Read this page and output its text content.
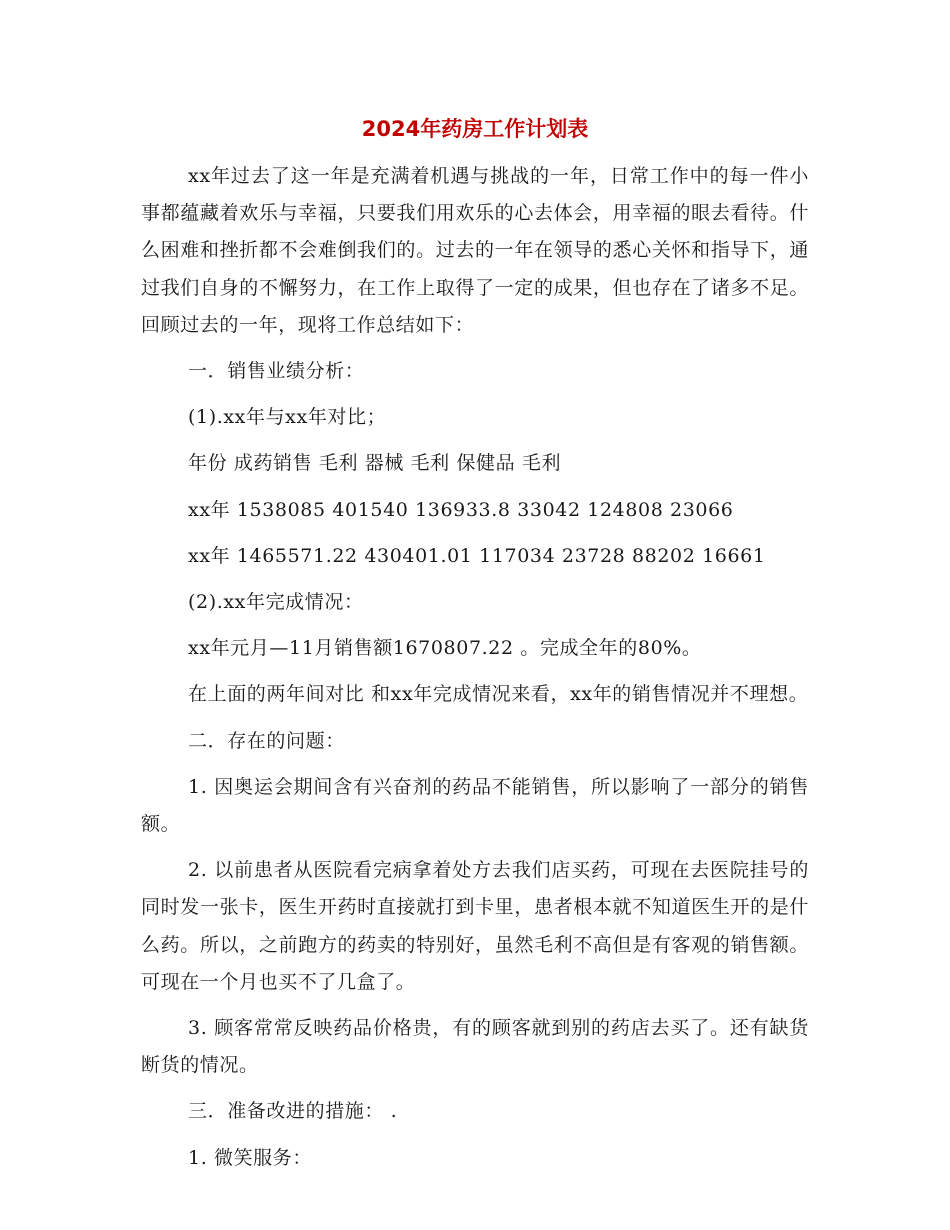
2024年药房工作计划表

xx年过去了这一年是充满着机遇与挑战的一年，日常工作中的每一件小事都蕴藏着欢乐与幸福，只要我们用欢乐的心去体会，用幸福的眼去看待。什么困难和挫折都不会难倒我们的。过去的一年在领导的悉心关怀和指导下，通过我们自身的不懈努力，在工作上取得了一定的成果，但也存在了诸多不足。回顾过去的一年，现将工作总结如下：

一．销售业绩分析：

(1).xx年与xx年对比；

年份 成药销售 毛利 器械 毛利 保健品 毛利

xx年 1538085 401540 136933.8 33042 124808 23066

xx年 1465571.22 430401.01 117034 23728 88202 16661

(2).xx年完成情况：

xx年元月—11月销售额1670807.22 。完成全年的80%。

在上面的两年间对比 和xx年完成情况来看，xx年的销售情况并不理想。

二．存在的问题：

1. 因奥运会期间含有兴奋剂的药品不能销售，所以影响了一部分的销售额。

2. 以前患者从医院看完病拿着处方去我们店买药，可现在去医院挂号的同时发一张卡，医生开药时直接就打到卡里，患者根本就不知道医生开的是什么药。所以，之前跑方的药卖的特别好，虽然毛利不高但是有客观的销售额。可现在一个月也买不了几盒了。

3. 顾客常常反映药品价格贵，有的顾客就到别的药店去买了。还有缺货断货的情况。

三．准备改进的措施： .

1. 微笑服务：
